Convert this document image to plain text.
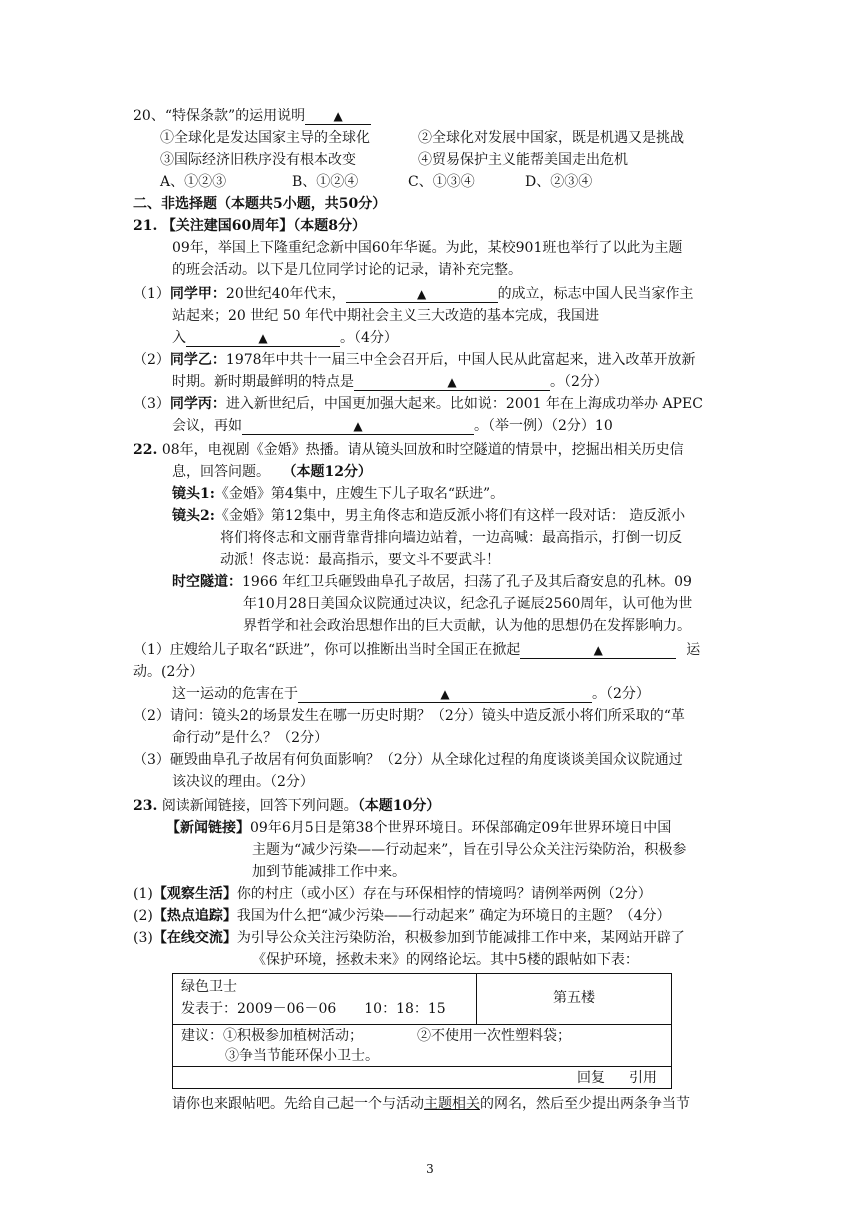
20、“特保条款”的运用说明 ▲
①全球化是发达国家主导的全球化	②全球化对发展中国家，既是机遇又是挑战
③国际经济旧秩序没有根本改变	④贸易保护主义能帮美国走出危机
A、①②③	B、①②④	C、①③④	D、②③④
二、非选择题（本题共5小题，共50分）
21. 【关注建国60周年】（本题8分）
09年，举国上下隆重纪念新中国60年华诞。为此，某校901班也举行了以此为主题
的班会活动。以下是几位同学讨论的记录，请补充完整。
（1）同学甲：20世纪40年代末，	▲	的成立，标志中国人民当家作主
站起来；20 世纪 50 年代中期社会主义三大改造的基本完成，我国进
入	▲	。（4分）
（2）同学乙：1978年中共十一届三中全会召开后，中国人民从此富起来，进入改革开放新
时期。新时期最鲜明的特点是	▲	。（2分）
（3）同学丙：进入新世纪后，中国更加强大起来。比如说：2001 年在上海成功举办 APEC
会议，再如	▲	。（举一例）（2分）10
22. 08年，电视剧《金婚》热播。请从镜头回放和时空隧道的情景中，挖掘出相关历史信
息，回答问题。 （本题12分）
镜头1:《金婚》第4集中，庄嫂生下儿子取名“跃进”。
镜头2:《金婚》第12集中，男主角佟志和造反派小将们有这样一段对话： 造反派小
将们将佟志和文丽背靠背排向墙边站着，一边高喊：最高指示，打倒一切反
动派！佟志说：最高指示，要文斗不要武斗！
时空隧道：1966 年红卫兵砸毁曲阜孔子故居，扫荡了孔子及其后裔安息的孔林。09
年10月28日美国众议院通过决议，纪念孔子诞辰2560周年，认可他为世
界哲学和社会政治思想作出的巨大贡献，认为他的思想仍在发挥影响力。
（1）庄嫂给儿子取名“跃进”，你可以推断出当时全国正在掀起	▲	运
动。(2分）
这一运动的危害在于	▲	。（2分）
（2）请问：镜头2的场景发生在哪一历史时期？（2分）镜头中造反派小将们所采取的“革
命行动”是什么？（2分）
（3）砸毁曲阜孔子故居有何负面影响？（2分）从全球化过程的角度谈谈美国众议院通过
该决议的理由。（2分）
23. 阅读新闻链接，回答下列问题。（本题10分）
【新闻链接】09年6月5日是第38个世界环境日。环保部确定09年世界环境日中国
主题为“减少污染——行动起来”，旨在引导公众关注污染防治，积极参
加到节能减排工作中来。
(1)【观察生活】你的村庄（或小区）存在与环保相悖的情境吗？请例举两例（2分）
(2)【热点追踪】我国为什么把“减少污染——行动起来” 确定为环境日的主题？（4分）
(3)【在线交流】为引导公众关注污染防治，积极参加到节能减排工作中来，某网站开辟了
《保护环境，拯救未来》的网络论坛。其中5楼的跟帖如下表：
绿色卫士
发表于：2009－06－06　　10：18：15
第五楼
建议：①积极参加植树活动；	②不使用一次性塑料袋；
③争当节能环保小卫士。
回复 引用
请你也来跟帖吧。先给自己起一个与活动主题相关的网名，然后至少提出两条争当节
3
